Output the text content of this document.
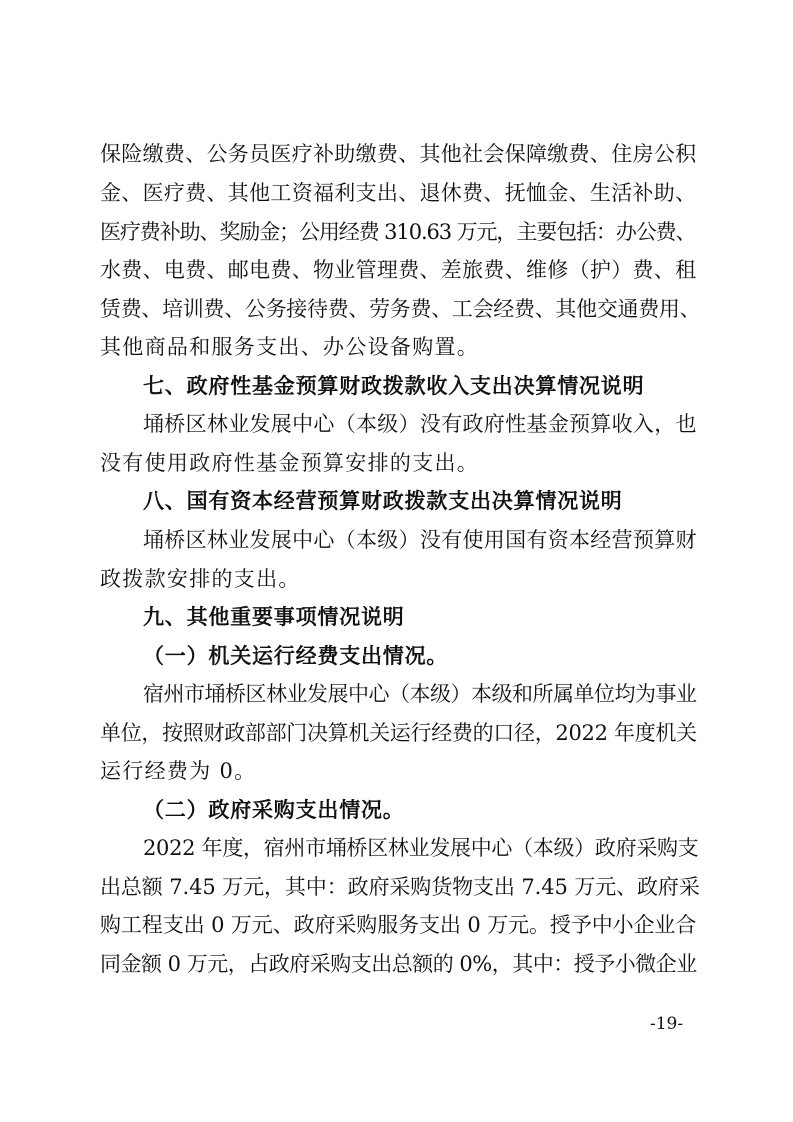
保险缴费、公务员医疗补助缴费、其他社会保障缴费、住房公积
金、医疗费、其他工资福利支出、退休费、抚恤金、生活补助、
医疗费补助、奖励金；公用经费 310.63 万元，主要包括：办公费、
水费、电费、邮电费、物业管理费、差旅费、维修（护）费、租
赁费、培训费、公务接待费、劳务费、工会经费、其他交通费用、
其他商品和服务支出、办公设备购置。
七、政府性基金预算财政拨款收入支出决算情况说明
埇桥区林业发展中心（本级）没有政府性基金预算收入，也
没有使用政府性基金预算安排的支出。
八、国有资本经营预算财政拨款支出决算情况说明
埇桥区林业发展中心（本级）没有使用国有资本经营预算财
政拨款安排的支出。
九、其他重要事项情况说明
（一）机关运行经费支出情况。
宿州市埇桥区林业发展中心（本级）本级和所属单位均为事业
单位，按照财政部部门决算机关运行经费的口径，2022 年度机关
运行经费为 0。
（二）政府采购支出情况。
2022 年度，宿州市埇桥区林业发展中心（本级）政府采购支
出总额 7.45 万元，其中：政府采购货物支出 7.45 万元、政府采
购工程支出 0 万元、政府采购服务支出 0 万元。授予中小企业合
同金额 0 万元，占政府采购支出总额的 0%，其中：授予小微企业
-19-
